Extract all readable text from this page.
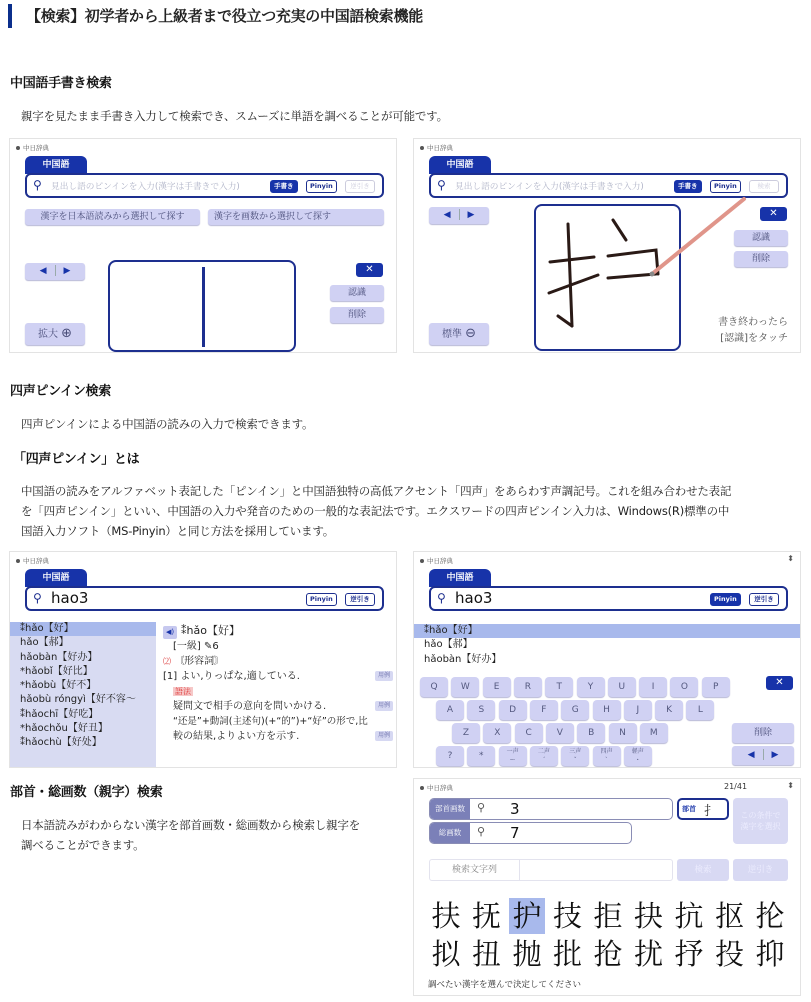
【検索】初学者から上級者まで役立つ充実の中国語検索機能
中国語手書き検索
親字を見たまま手書き入力して検索でき、スムーズに単語を調べることが可能です。
中日辞典
中国語
⚲ 見出し語のピンインを入力(漢字は手書きで入力)	手書き	Pinyin	逆引き
漢字を日本語読みから選択して探す	漢字を画数から選択して探す
◀ ▶	✕
認識
削除
拡大 ⊕
中日辞典
中国語
⚲ 見出し語のピンインを入力(漢字は手書きで入力)	手書き	Pinyin	検索
◀ ▶	✕
認識
削除
標準 ⊖
書き終わったら
[認識]をタッチ
四声ピンイン検索
四声ピンインによる中国語の読みの入力で検索できます。
「四声ピンイン」とは
中国語の読みをアルファベット表記した「ピンイン」と中国語独特の高低アクセント「四声」をあらわす声調記号。これを組み合わせた表記
を「四声ピンイン」といい、中国語の入力や発音のための一般的な表記法です。エクスワードの四声ピンイン入力は、Windows(R)標準の中
国語入力ソフト（MS-Pinyin）と同じ方法を採用しています。
中日辞典
中国語
⚲ hao3	Pinyin	逆引き
⁑hǎo【好】
hǎo【郝】
hǎobàn【好办】
*hǎobǐ【好比】
*hǎobù【好不】
hǎobù róngyì【好不容～
⁑hǎochī【好吃】
*hǎochǒu【好丑】
⁑hǎochù【好处】
◀) ⁑hǎo【好】
[一級] ✎6
⑵ 〘形容詞〙
[1] よい,りっぱな,適している.	用例
語法
疑問文で相手の意向を問いかける.	用例
“还是”+動詞(主述句)(+“的”)+“好”の形で,比
較の結果,よりよい方を示す.	用例
中日辞典	⬍
中国語
⚲ hao3	Pinyin	逆引き
⁑hǎo【好】
hǎo【郝】
hǎobàn【好办】
Q	W	E	R	T	Y	U	I	O	P
A	S	D	F	G	H	J	K	L
Z	X	C	V	B	N	M
?	*	一声
ー
二声
ˊ
三声
ˇ
四声
ˋ
軽声
・
✕
削除
◀ ▶
部首・総画数（親字）検索
日本語読みがわからない漢字を部首画数・総画数から検索し親字を
調べることができます。
中日辞典	21/41	⬍
部首画数	⚲ 3	部首 扌	この条件で漢字を選択
総画数	⚲ 7
検索文字列	検索	逆引き
扶 抚 护 技 拒 抉 抗 抠 抡
拟 扭 抛 批 抢 扰 抒 投 抑
調べたい漢字を選んで決定してください
